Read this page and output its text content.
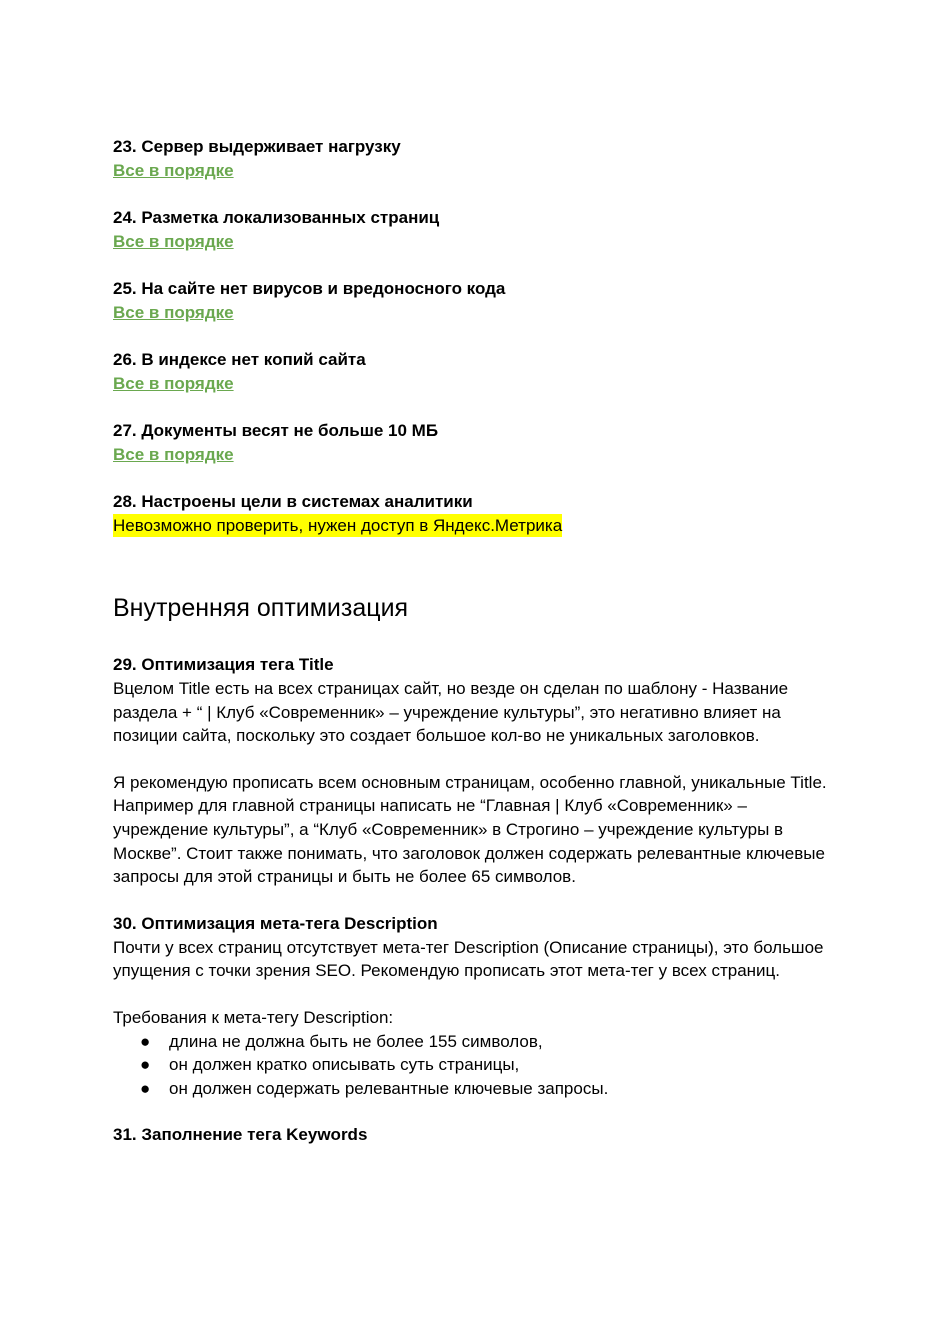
23. Сервер выдерживает нагрузку

Все в порядке

24. Разметка локализованных страниц

Все в порядке

25. На сайте нет вирусов и вредоносного кода

Все в порядке

26. В индексе нет копий сайта

Все в порядке

27. Документы весят не больше 10 МБ

Все в порядке

28. Настроены цели в системах аналитики

Невозможно проверить, нужен доступ в Яндекс.Метрика
Внутренняя оптимизация

29. Оптимизация тега Title

Вцелом Title есть на всех страницах сайт, но везде он сделан по шаблону - Название раздела + “ | Клуб «Современник» – учреждение культуры”, это негативно влияет на позиции сайта, поскольку это создает большое кол-во не уникальных заголовков.

Я рекомендую прописать всем основным страницам, особенно главной, уникальные Title. Например для главной страницы написать не “Главная | Клуб «Современник» – учреждение культуры”, а “Клуб «Современник» в Строгино – учреждение культуры в Москве”. Стоит также понимать, что заголовок должен содержать релевантные ключевые запросы для этой страницы и быть не более 65 символов.

30. Оптимизация мета-тега Description

Почти у всех страниц отсутствует мета-тег Description (Описание страницы), это большое упущения с точки зрения SEO. Рекомендую прописать этот мета-тег у всех страниц.

Требования к мета-тегу Description:

● длина не должна быть не более 155 символов,
● он должен кратко описывать суть страницы,
● он должен содержать релевантные ключевые запросы.

31. Заполнение тега Keywords
